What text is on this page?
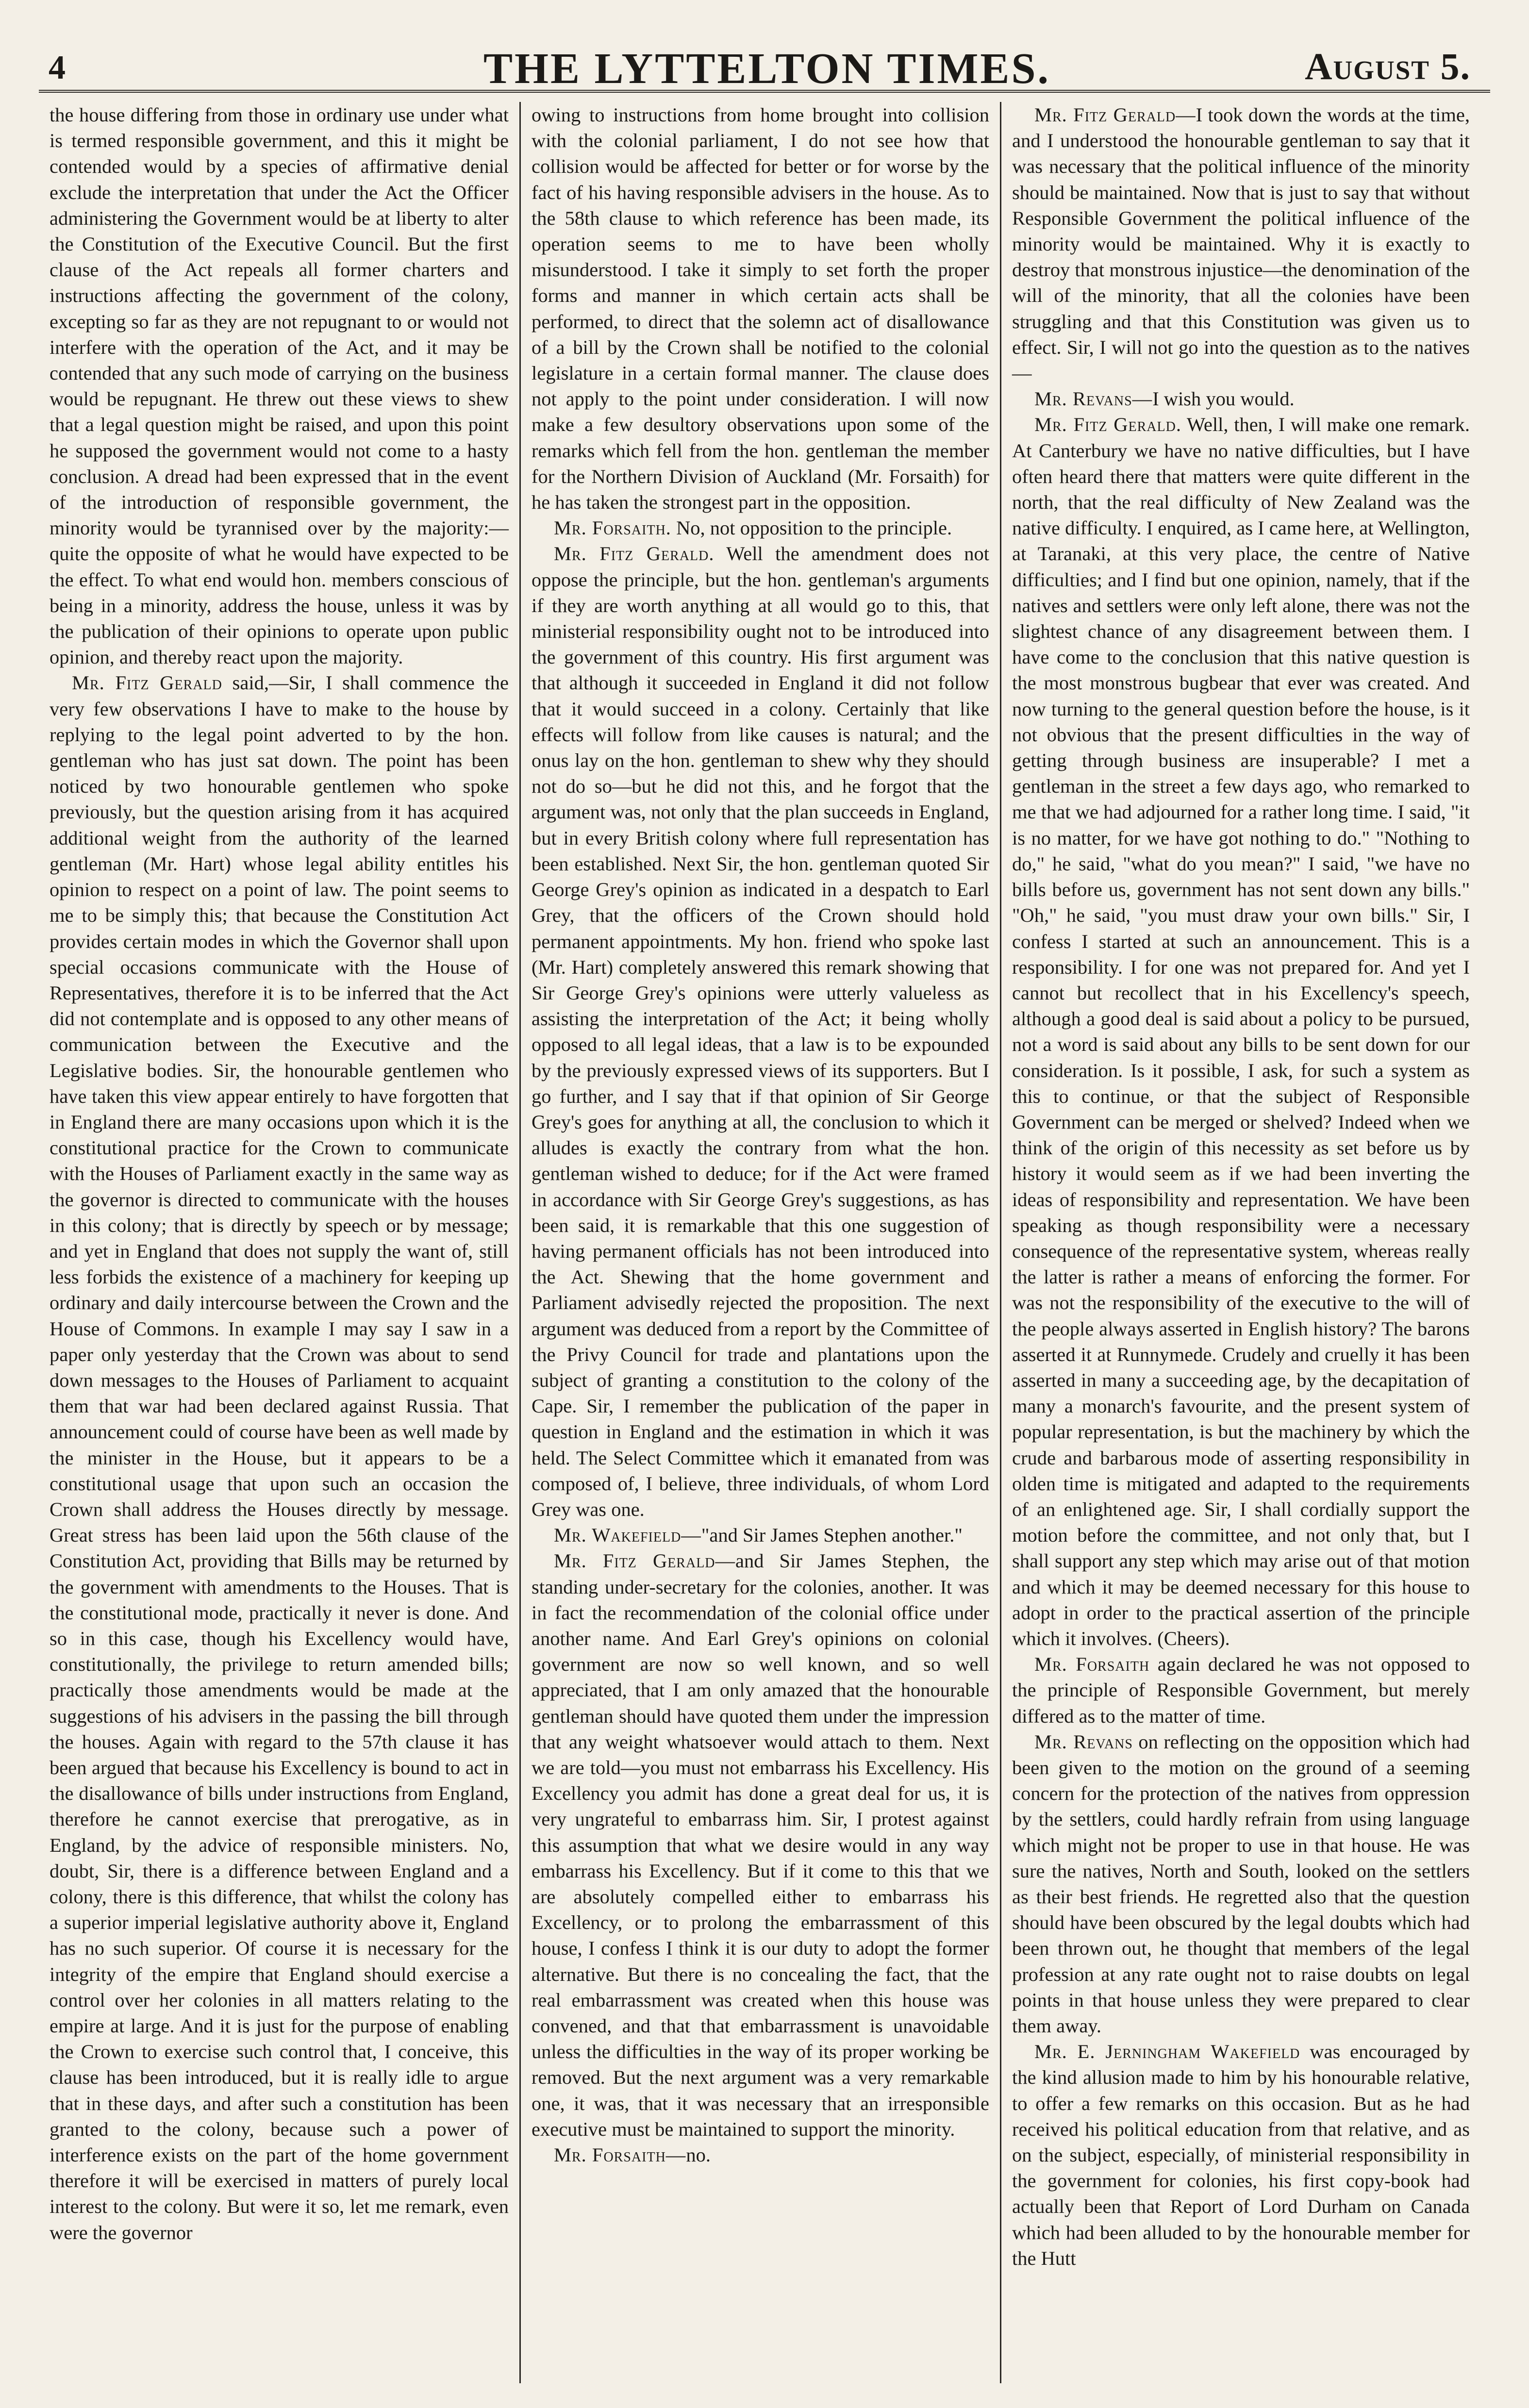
4	THE LYTTELTON TIMES.	August 5.

the house differing from those in ordinary use under what is termed responsible government, and this it might be contended would by a species of affirmative denial exclude the interpretation that under the Act the Officer administering the Government would be at liberty to alter the Constitution of the Executive Council. But the first clause of the Act repeals all former charters and instructions affecting the government of the colony, excepting so far as they are not repugnant to or would not interfere with the operation of the Act, and it may be contended that any such mode of carrying on the business would be repugnant. He threw out these views to shew that a legal question might be raised, and upon this point he supposed the government would not come to a hasty conclusion. A dread had been expressed that in the event of the introduction of responsible government, the minority would be tyrannised over by the majority:— quite the opposite of what he would have expected to be the effect. To what end would hon. members conscious of being in a minority, address the house, unless it was by the publication of their opinions to operate upon public opinion, and thereby react upon the majority.

Mr. Fitz Gerald said,—Sir, I shall commence the very few observations I have to make to the house by replying to the legal point adverted to by the hon. gentleman who has just sat down. The point has been noticed by two honourable gentlemen who spoke previously, but the question arising from it has acquired additional weight from the authority of the learned gentleman (Mr. Hart) whose legal ability entitles his opinion to respect on a point of law. The point seems to me to be simply this; that because the Constitution Act provides certain modes in which the Governor shall upon special occasions communicate with the House of Representatives, therefore it is to be inferred that the Act did not contemplate and is opposed to any other means of communication between the Executive and the Legislative bodies. Sir, the honourable gentlemen who have taken this view appear entirely to have forgotten that in England there are many occasions upon which it is the constitutional practice for the Crown to communicate with the Houses of Parliament exactly in the same way as the governor is directed to communicate with the houses in this colony; that is directly by speech or by message; and yet in England that does not supply the want of, still less forbids the existence of a machinery for keeping up ordinary and daily intercourse between the Crown and the House of Commons. In example I may say I saw in a paper only yesterday that the Crown was about to send down messages to the Houses of Parliament to acquaint them that war had been declared against Russia. That announcement could of course have been as well made by the minister in the House, but it appears to be a constitutional usage that upon such an occasion the Crown shall address the Houses directly by message. Great stress has been laid upon the 56th clause of the Constitution Act, providing that Bills may be returned by the government with amendments to the Houses. That is the constitutional mode, practically it never is done. And so in this case, though his Excellency would have, constitutionally, the privilege to return amended bills; practically those amendments would be made at the suggestions of his advisers in the passing the bill through the houses. Again with regard to the 57th clause it has been argued that because his Excellency is bound to act in the disallowance of bills under instructions from England, therefore he cannot exercise that prerogative, as in England, by the advice of responsible ministers. No, doubt, Sir, there is a difference between England and a colony, there is this difference, that whilst the colony has a superior imperial legislative authority above it, England has no such superior. Of course it is necessary for the integrity of the empire that England should exercise a control over her colonies in all matters relating to the empire at large. And it is just for the purpose of enabling the Crown to exercise such control that, I conceive, this clause has been introduced, but it is really idle to argue that in these days, and after such a constitution has been granted to the colony, because such a power of interference exists on the part of the home government therefore it will be exercised in matters of purely local interest to the colony. But were it so, let me remark, even were the governor

owing to instructions from home brought into collision with the colonial parliament, I do not see how that collision would be affected for better or for worse by the fact of his having responsible advisers in the house. As to the 58th clause to which reference has been made, its operation seems to me to have been wholly misunderstood. I take it simply to set forth the proper forms and manner in which certain acts shall be performed, to direct that the solemn act of disallowance of a bill by the Crown shall be notified to the colonial legislature in a certain formal manner. The clause does not apply to the point under consideration. I will now make a few desultory observations upon some of the remarks which fell from the hon. gentleman the member for the Northern Division of Auckland (Mr. Forsaith) for he has taken the strongest part in the opposition.

Mr. Forsaith. No, not opposition to the principle.

Mr. Fitz Gerald. Well the amendment does not oppose the principle, but the hon. gentleman's arguments if they are worth anything at all would go to this, that ministerial responsibility ought not to be introduced into the government of this country. His first argument was that although it succeeded in England it did not follow that it would succeed in a colony. Certainly that like effects will follow from like causes is natural; and the onus lay on the hon. gentleman to shew why they should not do so—but he did not this, and he forgot that the argument was, not only that the plan succeeds in England, but in every British colony where full representation has been established. Next Sir, the hon. gentleman quoted Sir George Grey's opinion as indicated in a despatch to Earl Grey, that the officers of the Crown should hold permanent appointments. My hon. friend who spoke last (Mr. Hart) completely answered this remark showing that Sir George Grey's opinions were utterly valueless as assisting the interpretation of the Act; it being wholly opposed to all legal ideas, that a law is to be expounded by the previously expressed views of its supporters. But I go further, and I say that if that opinion of Sir George Grey's goes for anything at all, the conclusion to which it alludes is exactly the contrary from what the hon. gentleman wished to deduce; for if the Act were framed in accordance with Sir George Grey's suggestions, as has been said, it is remarkable that this one suggestion of having permanent officials has not been introduced into the Act. Shewing that the home government and Parliament advisedly rejected the proposition. The next argument was deduced from a report by the Committee of the Privy Council for trade and plantations upon the subject of granting a constitution to the colony of the Cape. Sir, I remember the publication of the paper in question in England and the estimation in which it was held. The Select Committee which it emanated from was composed of, I believe, three individuals, of whom Lord Grey was one.

Mr. Wakefield—"and Sir James Stephen another."

Mr. Fitz Gerald—and Sir James Stephen, the standing under-secretary for the colonies, another. It was in fact the recommendation of the colonial office under another name. And Earl Grey's opinions on colonial government are now so well known, and so well appreciated, that I am only amazed that the honourable gentleman should have quoted them under the impression that any weight whatsoever would attach to them. Next we are told—you must not embarrass his Excellency. His Excellency you admit has done a great deal for us, it is very ungrateful to embarrass him. Sir, I protest against this assumption that what we desire would in any way embarrass his Excellency. But if it come to this that we are absolutely compelled either to embarrass his Excellency, or to prolong the embarrassment of this house, I confess I think it is our duty to adopt the former alternative. But there is no concealing the fact, that the real embarrassment was created when this house was convened, and that that embarrassment is unavoidable unless the difficulties in the way of its proper working be removed. But the next argument was a very remarkable one, it was, that it was necessary that an irresponsible executive must be maintained to support the minority.

Mr. Forsaith—no.

Mr. Fitz Gerald—I took down the words at the time, and I understood the honourable gentleman to say that it was necessary that the political influence of the minority should be maintained. Now that is just to say that without Responsible Government the political influence of the minority would be maintained. Why it is exactly to destroy that monstrous injustice—the denomination of the will of the minority, that all the colonies have been struggling and that this Constitution was given us to effect. Sir, I will not go into the question as to the natives—

Mr. Revans—I wish you would.

Mr. Fitz Gerald. Well, then, I will make one remark. At Canterbury we have no native difficulties, but I have often heard there that matters were quite different in the north, that the real difficulty of New Zealand was the native difficulty. I enquired, as I came here, at Wellington, at Taranaki, at this very place, the centre of Native difficulties; and I find but one opinion, namely, that if the natives and settlers were only left alone, there was not the slightest chance of any disagreement between them. I have come to the conclusion that this native question is the most monstrous bugbear that ever was created. And now turning to the general question before the house, is it not obvious that the present difficulties in the way of getting through business are insuperable? I met a gentleman in the street a few days ago, who remarked to me that we had adjourned for a rather long time. I said, "it is no matter, for we have got nothing to do." "Nothing to do," he said, "what do you mean?" I said, "we have no bills before us, government has not sent down any bills." "Oh," he said, "you must draw your own bills." Sir, I confess I started at such an announcement. This is a responsibility. I for one was not prepared for. And yet I cannot but recollect that in his Excellency's speech, although a good deal is said about a policy to be pursued, not a word is said about any bills to be sent down for our consideration. Is it possible, I ask, for such a system as this to continue, or that the subject of Responsible Government can be merged or shelved? Indeed when we think of the origin of this necessity as set before us by history it would seem as if we had been inverting the ideas of responsibility and representation. We have been speaking as though responsibility were a necessary consequence of the representative system, whereas really the latter is rather a means of enforcing the former. For was not the responsibility of the executive to the will of the people always asserted in English history? The barons asserted it at Runnymede. Crudely and cruelly it has been asserted in many a succeeding age, by the decapitation of many a monarch's favourite, and the present system of popular representation, is but the machinery by which the crude and barbarous mode of asserting responsibility in olden time is mitigated and adapted to the requirements of an enlightened age. Sir, I shall cordially support the motion before the committee, and not only that, but I shall support any step which may arise out of that motion and which it may be deemed necessary for this house to adopt in order to the practical assertion of the principle which it involves. (Cheers).

Mr. Forsaith again declared he was not opposed to the principle of Responsible Government, but merely differed as to the matter of time.

Mr. Revans on reflecting on the opposition which had been given to the motion on the ground of a seeming concern for the protection of the natives from oppression by the settlers, could hardly refrain from using language which might not be proper to use in that house. He was sure the natives, North and South, looked on the settlers as their best friends. He regretted also that the question should have been obscured by the legal doubts which had been thrown out, he thought that members of the legal profession at any rate ought not to raise doubts on legal points in that house unless they were prepared to clear them away.

Mr. E. Jerningham Wakefield was encouraged by the kind allusion made to him by his honourable relative, to offer a few remarks on this occasion. But as he had received his political education from that relative, and as on the subject, especially, of ministerial responsibility in the government for colonies, his first copy-book had actually been that Report of Lord Durham on Canada which had been alluded to by the honourable member for the Hutt
